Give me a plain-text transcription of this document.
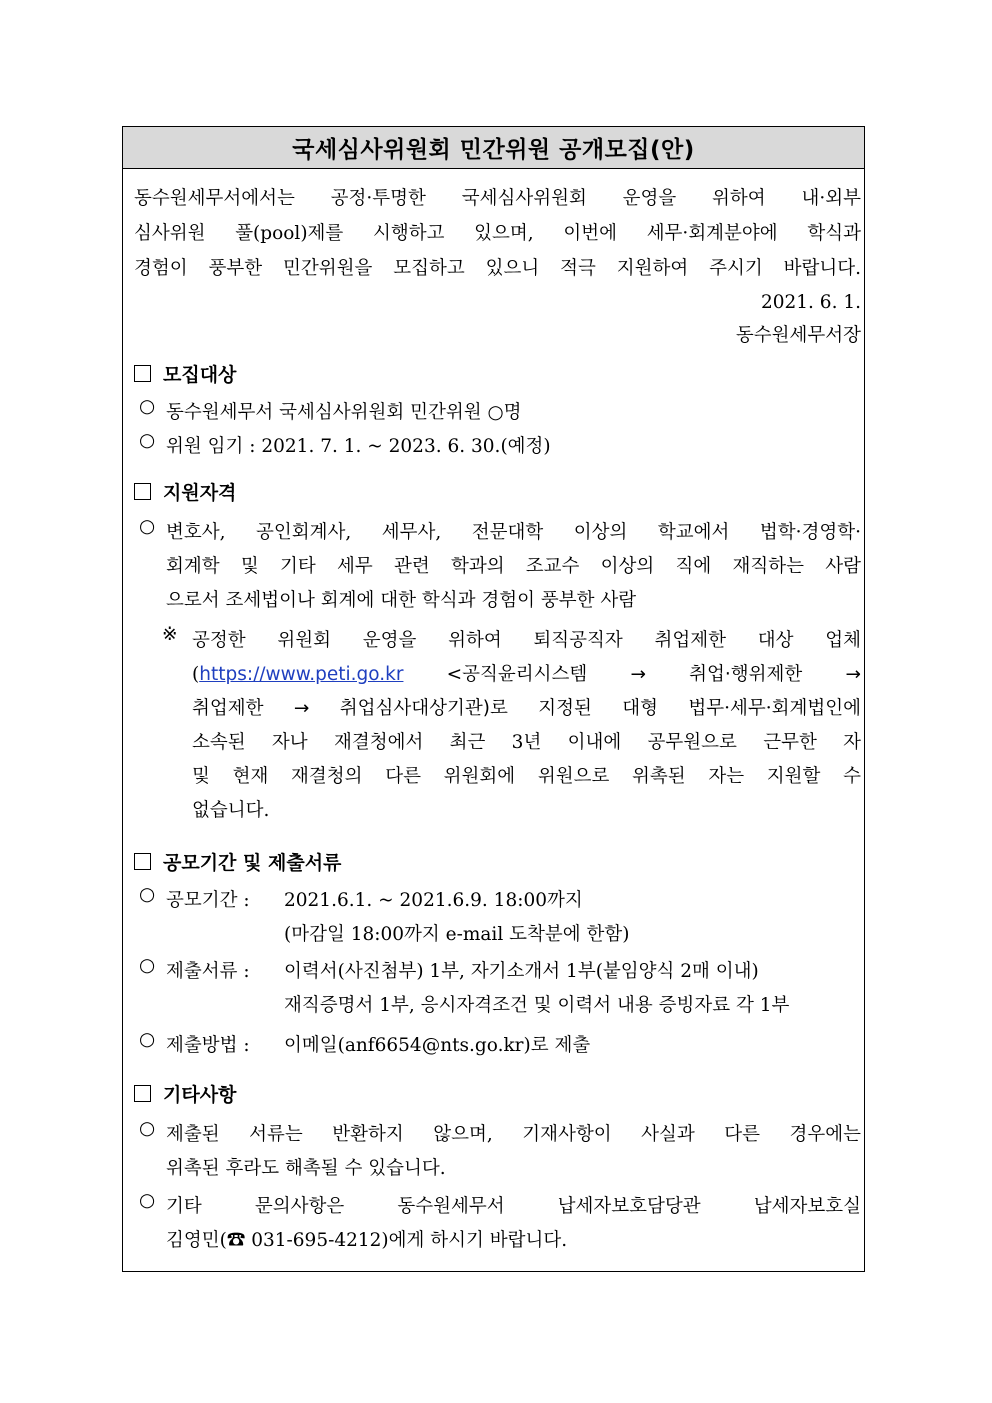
국세심사위원회 민간위원 공개모집(안)
동수원세무서에서는 공정·투명한 국세심사위원회 운영을 위하여 내·외부
심사위원 풀(pool)제를 시행하고 있으며, 이번에 세무·회계분야에 학식과
경험이 풍부한 민간위원을 모집하고 있으니 적극 지원하여 주시기 바랍니다.
2021. 6. 1.
동수원세무서장
모집대상
○ 동수원세무서 국세심사위원회 민간위원 ○명
○ 위원 임기 : 2021. 7. 1. ~ 2023. 6. 30.(예정)
지원자격
○ 변호사, 공인회계사, 세무사, 전문대학 이상의 학교에서 법학·경영학·
회계학 및 기타 세무 관련 학과의 조교수 이상의 직에 재직하는 사람
으로서 조세법이나 회계에 대한 학식과 경험이 풍부한 사람
※ 공정한 위원회 운영을 위하여 퇴직공직자 취업제한 대상 업체
(https://www.peti.go.kr <공직윤리시스템 → 취업·행위제한 →
취업제한 → 취업심사대상기관)로 지정된 대형 법무·세무·회계법인에
소속된 자나 재결청에서 최근 3년 이내에 공무원으로 근무한 자
및 현재 재결청의 다른 위원회에 위원으로 위촉된 자는 지원할 수
없습니다.
공모기간 및 제출서류
○ 공모기간 : 2021.6.1. ~ 2021.6.9. 18:00까지
(마감일 18:00까지 e-mail 도착분에 한함)
○ 제출서류 : 이력서(사진첨부) 1부, 자기소개서 1부(붙임양식 2매 이내)
재직증명서 1부, 응시자격조건 및 이력서 내용 증빙자료 각 1부
○ 제출방법 : 이메일(anf6654@nts.go.kr)로 제출
기타사항
○ 제출된 서류는 반환하지 않으며, 기재사항이 사실과 다른 경우에는
위촉된 후라도 해촉될 수 있습니다.
○ 기타 문의사항은 동수원세무서 납세자보호담당관 납세자보호실
김영민(☎ 031-695-4212)에게 하시기 바랍니다.
